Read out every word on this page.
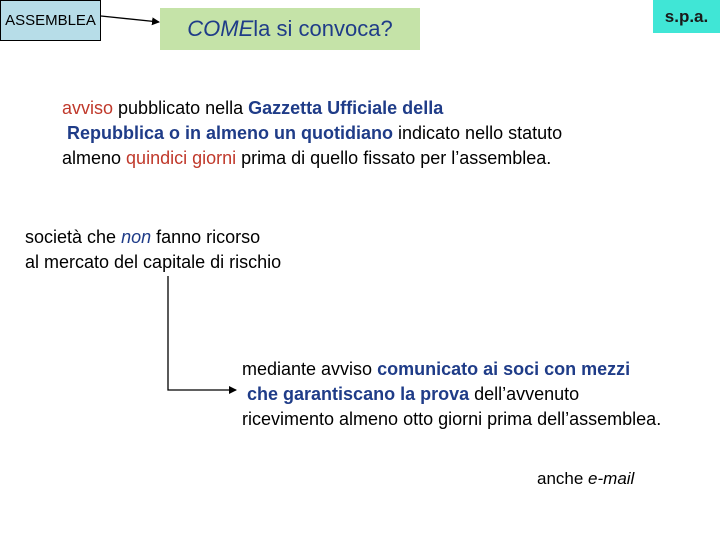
ASSEMBLEA	COME la si convoca?	s.p.a.
avviso pubblicato nella Gazzetta Ufficiale della
Repubblica o in almeno un quotidiano indicato nello statuto
almeno quindici giorni prima di quello fissato per l’assemblea.
società che non fanno ricorso
al mercato del capitale di rischio
mediante avviso comunicato ai soci con mezzi
che garantiscano la prova dell’avvenuto
ricevimento almeno otto giorni prima dell’assemblea.
anche e-mail
